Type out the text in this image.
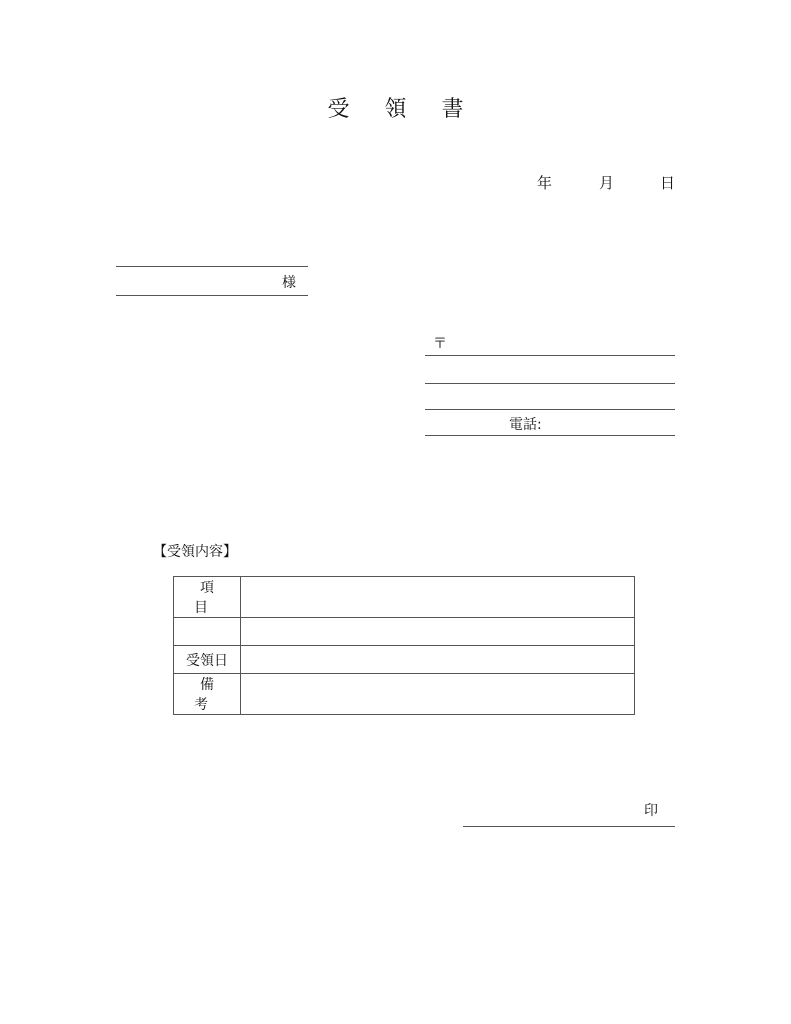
受 領 書
年	月	日
様
〒
電話:
【受領内容】
項 目	

受領日	
備 考	
印
